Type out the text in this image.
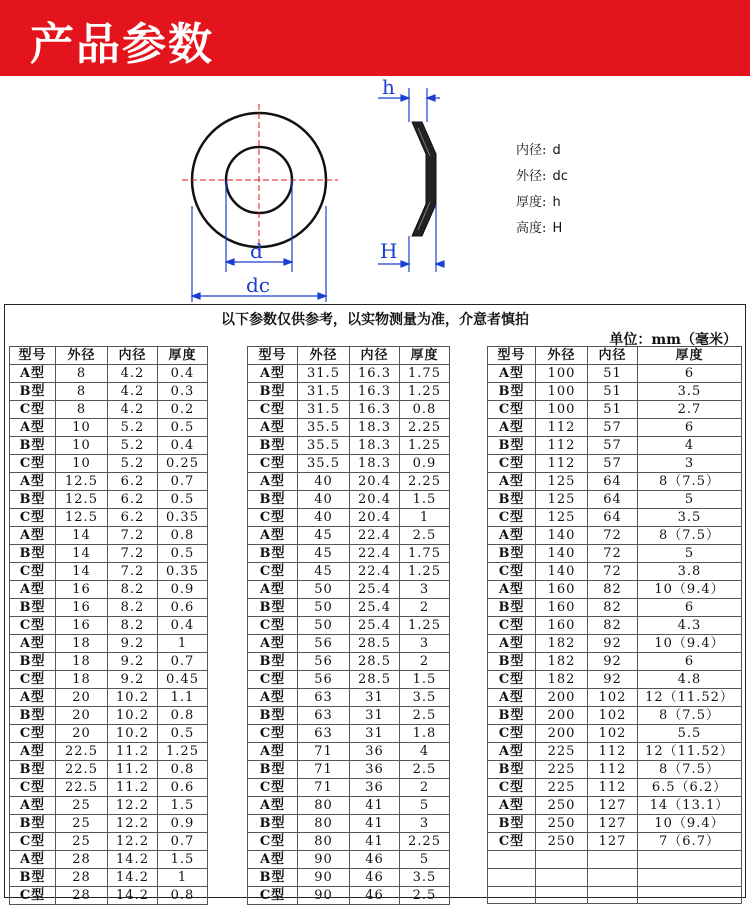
产品参数
h
d
dc
H
内径: d
外径: dc
厚度: h
高度: H
以下参数仅供参考，以实物测量为准，介意者慎拍
单位：mm（毫米）
型号	外径	内径	厚度
A型	8	4.2	0.4
B型	8	4.2	0.3
C型	8	4.2	0.2
A型	10	5.2	0.5
B型	10	5.2	0.4
C型	10	5.2	0.25
A型	12.5	6.2	0.7
B型	12.5	6.2	0.5
C型	12.5	6.2	0.35
A型	14	7.2	0.8
B型	14	7.2	0.5
C型	14	7.2	0.35
A型	16	8.2	0.9
B型	16	8.2	0.6
C型	16	8.2	0.4
A型	18	9.2	1
B型	18	9.2	0.7
C型	18	9.2	0.45
A型	20	10.2	1.1
B型	20	10.2	0.8
C型	20	10.2	0.5
A型	22.5	11.2	1.25
B型	22.5	11.2	0.8
C型	22.5	11.2	0.6
A型	25	12.2	1.5
B型	25	12.2	0.9
C型	25	12.2	0.7
A型	28	14.2	1.5
B型	28	14.2	1
C型	28	14.2	0.8
型号	外径	内径	厚度
A型	31.5	16.3	1.75
B型	31.5	16.3	1.25
C型	31.5	16.3	0.8
A型	35.5	18.3	2.25
B型	35.5	18.3	1.25
C型	35.5	18.3	0.9
A型	40	20.4	2.25
B型	40	20.4	1.5
C型	40	20.4	1
A型	45	22.4	2.5
B型	45	22.4	1.75
C型	45	22.4	1.25
A型	50	25.4	3
B型	50	25.4	2
C型	50	25.4	1.25
A型	56	28.5	3
B型	56	28.5	2
C型	56	28.5	1.5
A型	63	31	3.5
B型	63	31	2.5
C型	63	31	1.8
A型	71	36	4
B型	71	36	2.5
C型	71	36	2
A型	80	41	5
B型	80	41	3
C型	80	41	2.25
A型	90	46	5
B型	90	46	3.5
C型	90	46	2.5
型号	外径	内径	厚度
A型	100	51	6
B型	100	51	3.5
C型	100	51	2.7
A型	112	57	6
B型	112	57	4
C型	112	57	3
A型	125	64	8（7.5）
B型	125	64	5
C型	125	64	3.5
A型	140	72	8（7.5）
B型	140	72	5
C型	140	72	3.8
A型	160	82	10（9.4）
B型	160	82	6
C型	160	82	4.3
A型	182	92	10（9.4）
B型	182	92	6
C型	182	92	4.8
A型	200	102	12（11.52）
B型	200	102	8（7.5）
C型	200	102	5.5
A型	225	112	12（11.52）
B型	225	112	8（7.5）
C型	225	112	6.5（6.2）
A型	250	127	14（13.1）
B型	250	127	10（9.4）
C型	250	127	7（6.7）
